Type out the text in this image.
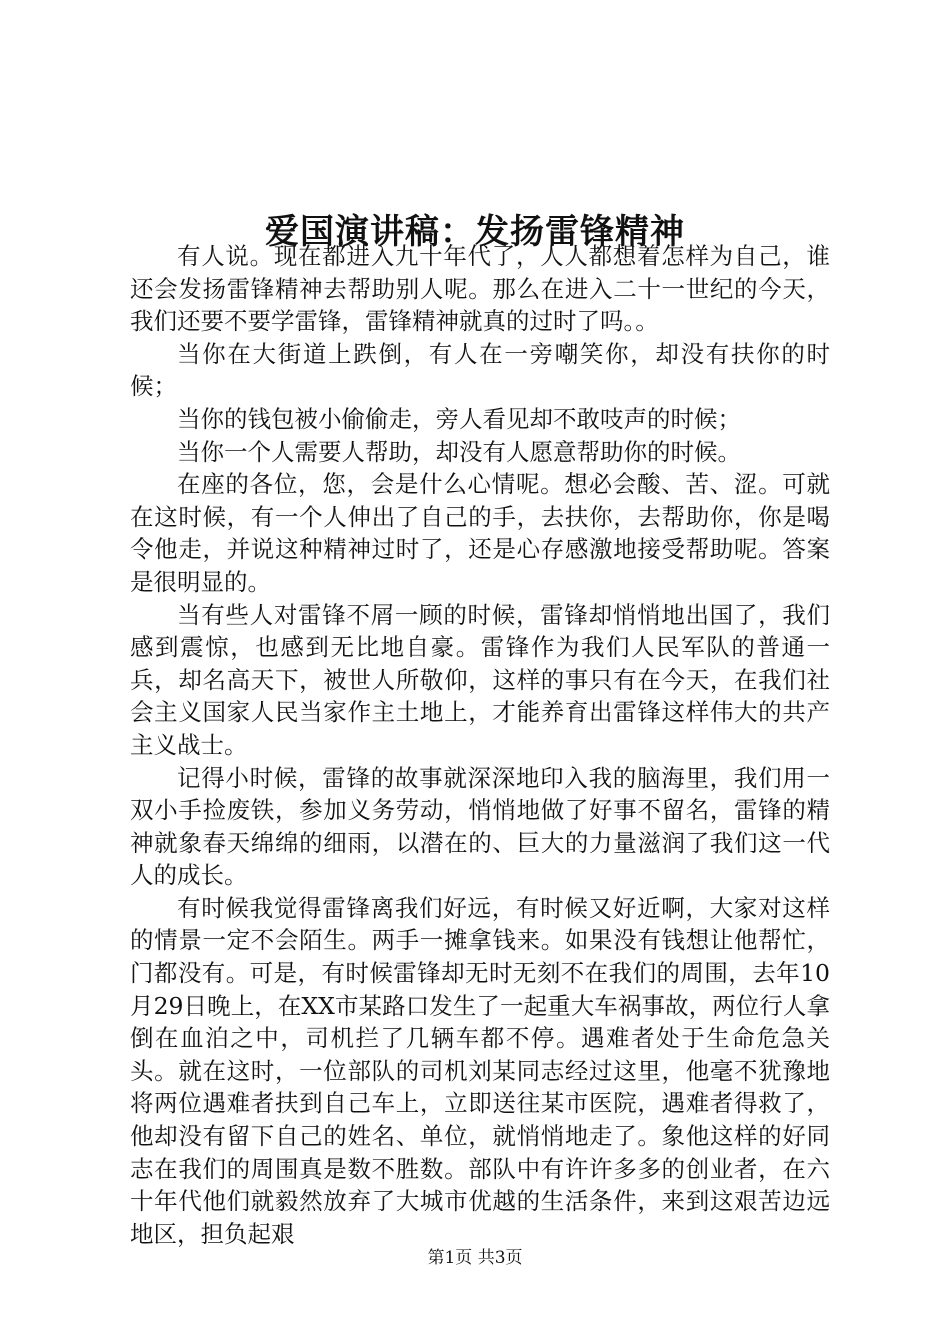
爱国演讲稿：发扬雷锋精神

有人说。现在都进入九十年代了，人人都想着怎样为自己，谁还会发扬雷锋精神去帮助别人呢。那么在进入二十一世纪的今天，我们还要不要学雷锋，雷锋精神就真的过时了吗。。

当你在大街道上跌倒，有人在一旁嘲笑你，却没有扶你的时候；

当你的钱包被小偷偷走，旁人看见却不敢吱声的时候；

当你一个人需要人帮助，却没有人愿意帮助你的时候。

在座的各位，您，会是什么心情呢。想必会酸、苦、涩。可就在这时候，有一个人伸出了自己的手，去扶你，去帮助你，你是喝令他走，并说这种精神过时了，还是心存感激地接受帮助呢。答案是很明显的。

当有些人对雷锋不屑一顾的时候，雷锋却悄悄地出国了，我们感到震惊，也感到无比地自豪。雷锋作为我们人民军队的普通一兵，却名高天下，被世人所敬仰，这样的事只有在今天，在我们社会主义国家人民当家作主土地上，才能养育出雷锋这样伟大的共产主义战士。

记得小时候，雷锋的故事就深深地印入我的脑海里，我们用一双小手捡废铁，参加义务劳动，悄悄地做了好事不留名，雷锋的精神就象春天绵绵的细雨，以潜在的、巨大的力量滋润了我们这一代人的成长。

有时候我觉得雷锋离我们好远，有时候又好近啊，大家对这样的情景一定不会陌生。两手一摊拿钱来。如果没有钱想让他帮忙，门都没有。可是，有时候雷锋却无时无刻不在我们的周围，去年10月29日晚上，在XX市某路口发生了一起重大车祸事故，两位行人拿倒在血泊之中，司机拦了几辆车都不停。遇难者处于生命危急关头。就在这时，一位部队的司机刘某同志经过这里，他毫不犹豫地将两位遇难者扶到自己车上，立即送往某市医院，遇难者得救了，他却没有留下自己的姓名、单位，就悄悄地走了。象他这样的好同志在我们的周围真是数不胜数。部队中有许许多多的创业者，在六十年代他们就毅然放弃了大城市优越的生活条件，来到这艰苦边远地区，担负起艰

第1页 共3页
